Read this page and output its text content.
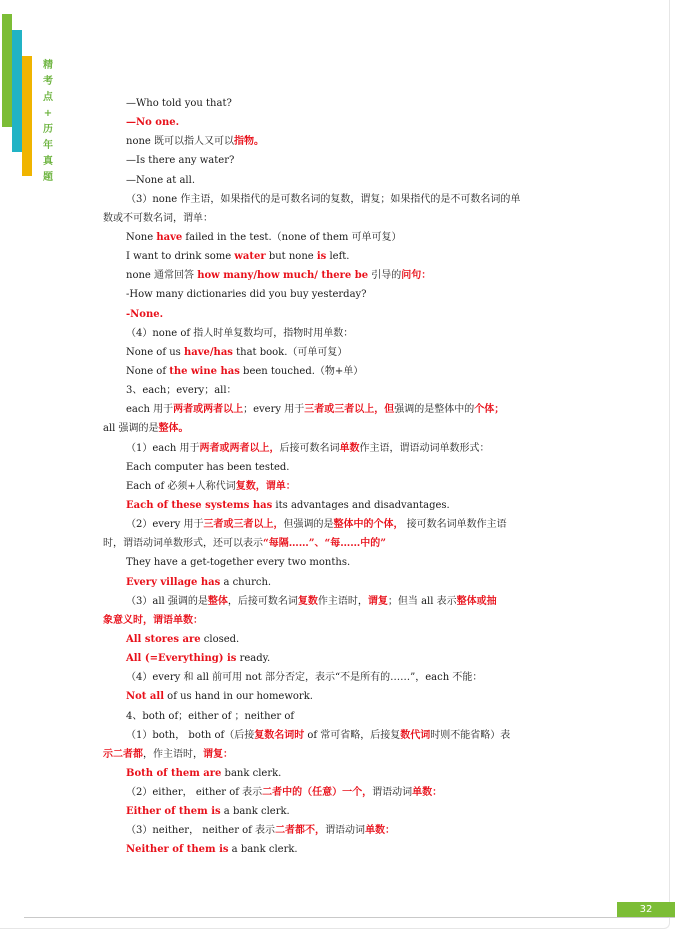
精
考
点
+
历
年
真
题
—Who told you that?
—No one.
none 既可以指人又可以指物。
—Is there any water?
—None at all.
（3）none 作主语，如果指代的是可数名词的复数，谓复；如果指代的是不可数名词的单
数或不可数名词，谓单：
None have failed in the test.（none of them 可单可复）
I want to drink some water but none is left.
none 通常回答 how many/how much/ there be 引导的问句：
-How many dictionaries did you buy yesterday?
-None.
（4）none of 指人时单复数均可，指物时用单数：
None of us have/has that book.（可单可复）
None of the wine has been touched.（物+单）
3、each；every；all：
each 用于两者或两者以上；every 用于三者或三者以上，但强调的是整体中的个体；
all 强调的是整体。
（1）each 用于两者或两者以上，后接可数名词单数作主语，谓语动词单数形式：
Each computer has been tested.
Each of 必须+人称代词复数，谓单：
Each of these systems has its advantages and disadvantages.
（2）every 用于三者或三者以上，但强调的是整体中的个体， 接可数名词单数作主语
时，谓语动词单数形式，还可以表示“每隔……”、“每……中的”
They have a get-together every two months.
Every village has a church.
（3）all 强调的是整体，后接可数名词复数作主语时，谓复；但当 all 表示整体或抽
象意义时，谓语单数：
All stores are closed.
All (=Everything) is ready.
（4）every 和 all 前可用 not 部分否定，表示“不是所有的……”，each 不能：
Not all of us hand in our homework.
4、both of；either of ；neither of
（1）both， both of（后接复数名词时 of 常可省略，后接复数代词时则不能省略）表
示二者都，作主语时，谓复：
Both of them are bank clerk.
（2）either， either of 表示二者中的（任意）一个，谓语动词单数：
Either of them is a bank clerk.
（3）neither， neither of 表示二者都不，谓语动词单数：
Neither of them is a bank clerk.
32
